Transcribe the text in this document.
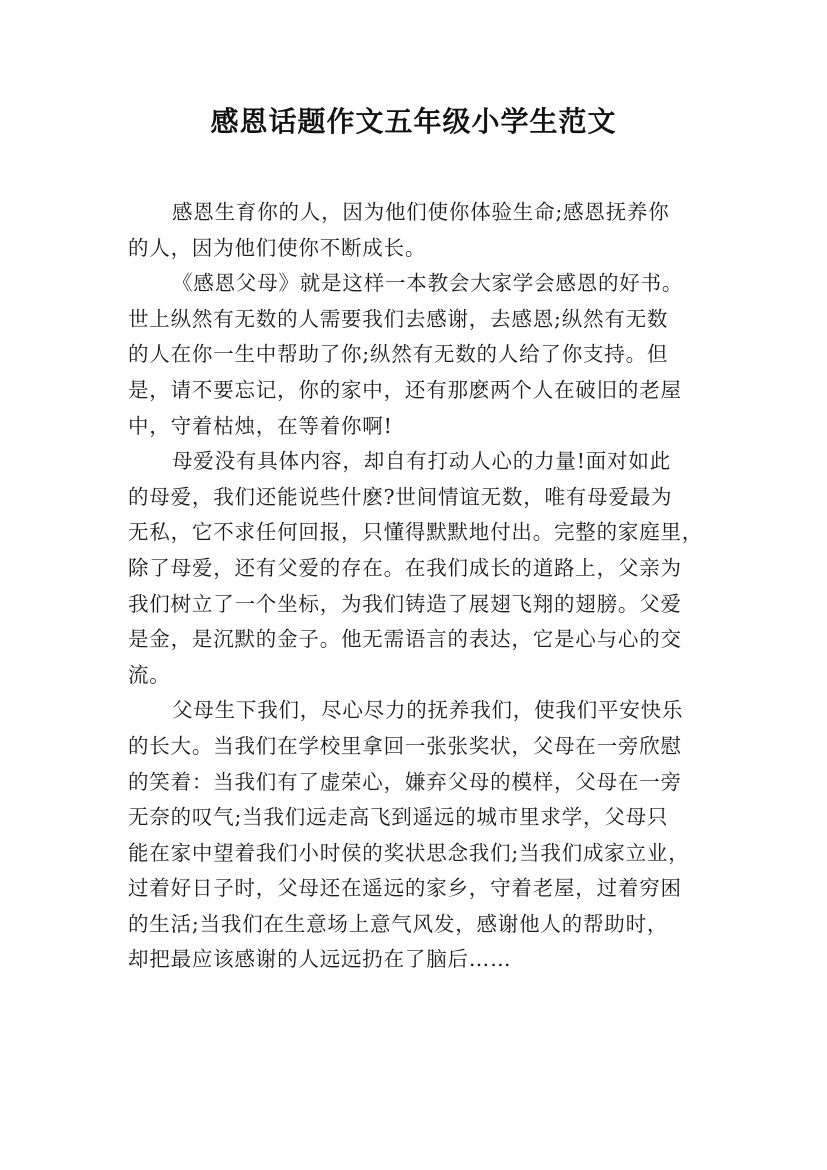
感恩话题作文五年级小学生范文
感恩生育你的人，因为他们使你体验生命;感恩抚养你
的人，因为他们使你不断成长。
《感恩父母》就是这样一本教会大家学会感恩的好书。
世上纵然有无数的人需要我们去感谢，去感恩;纵然有无数
的人在你一生中帮助了你;纵然有无数的人给了你支持。但
是，请不要忘记，你的家中，还有那麽两个人在破旧的老屋
中，守着枯烛，在等着你啊!
母爱没有具体内容，却自有打动人心的力量!面对如此
的母爱，我们还能说些什麽?世间情谊无数，唯有母爱最为
无私，它不求任何回报，只懂得默默地付出。完整的家庭里，
除了母爱，还有父爱的存在。在我们成长的道路上，父亲为
我们树立了一个坐标，为我们铸造了展翅飞翔的翅膀。父爱
是金，是沉默的金子。他无需语言的表达，它是心与心的交
流。
父母生下我们，尽心尽力的抚养我们，使我们平安快乐
的长大。当我们在学校里拿回一张张奖状，父母在一旁欣慰
的笑着：当我们有了虚荣心，嫌弃父母的模样，父母在一旁
无奈的叹气;当我们远走高飞到遥远的城市里求学，父母只
能在家中望着我们小时侯的奖状思念我们;当我们成家立业，
过着好日子时，父母还在遥远的家乡，守着老屋，过着穷困
的生活;当我们在生意场上意气风发，感谢他人的帮助时，
却把最应该感谢的人远远扔在了脑后……
